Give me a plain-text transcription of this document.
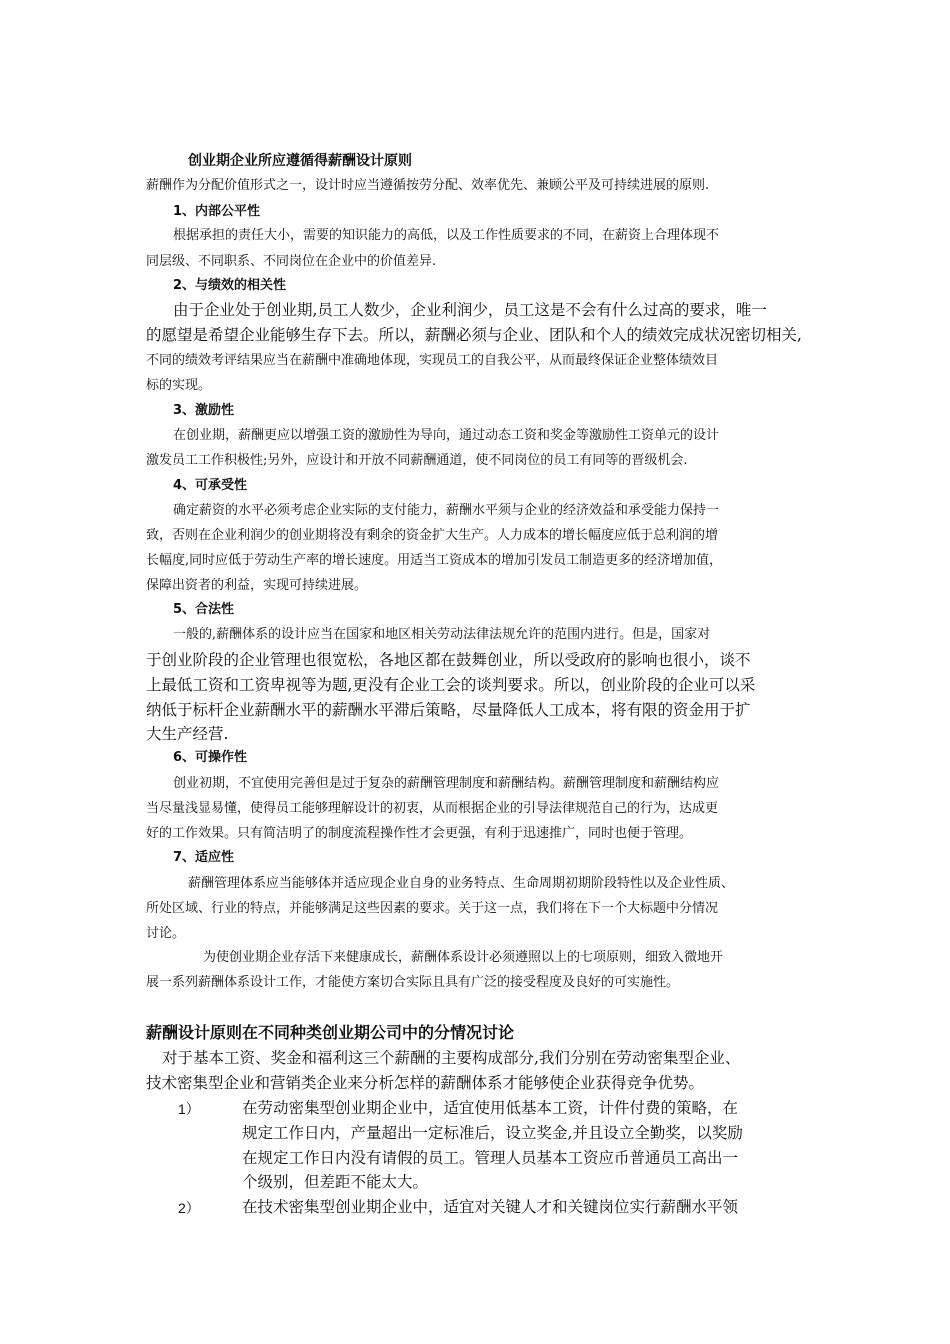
创业期企业所应遵循得薪酬设计原则
薪酬作为分配价值形式之一，设计时应当遵循按劳分配、效率优先、兼顾公平及可持续进展的原则.
1、内部公平性
根据承担的责任大小，需要的知识能力的高低，以及工作性质要求的不同，在薪资上合理体现不
同层级、不同职系、不同岗位在企业中的价值差异.
2、与绩效的相关性
由于企业处于创业期,员工人数少，企业利润少，员工这是不会有什么过高的要求，唯一
的愿望是希望企业能够生存下去。所以，薪酬必须与企业、团队和个人的绩效完成状况密切相关,
不同的绩效考评结果应当在薪酬中准确地体现，实现员工的自我公平，从而最终保证企业整体绩效目
标的实现。
3、激励性
在创业期，薪酬更应以增强工资的激励性为导向，通过动态工资和奖金等激励性工资单元的设计
激发员工工作积极性;另外，应设计和开放不同薪酬通道，使不同岗位的员工有同等的晋级机会.
4、可承受性
确定薪资的水平必须考虑企业实际的支付能力，薪酬水平须与企业的经济效益和承受能力保持一
致，否则在企业利润少的创业期将没有剩余的资金扩大生产。人力成本的增长幅度应低于总利润的增
长幅度,同时应低于劳动生产率的增长速度。用适当工资成本的增加引发员工制造更多的经济增加值，
保障出资者的利益，实现可持续进展。
5、合法性
一般的,薪酬体系的设计应当在国家和地区相关劳动法律法规允许的范围内进行。但是，国家对
于创业阶段的企业管理也很宽松，各地区都在鼓舞创业，所以受政府的影响也很小，谈不
上最低工资和工资卑视等为题,更没有企业工会的谈判要求。所以，创业阶段的企业可以采
纳低于标杆企业薪酬水平的薪酬水平滞后策略，尽量降低人工成本，将有限的资金用于扩
大生产经营.
6、可操作性
创业初期，不宜使用完善但是过于复杂的薪酬管理制度和薪酬结构。薪酬管理制度和薪酬结构应
当尽量浅显易懂，使得员工能够理解设计的初衷，从而根据企业的引导法律规范自己的行为，达成更
好的工作效果。只有简洁明了的制度流程操作性才会更强，有利于迅速推广，同时也便于管理。
7、适应性
薪酬管理体系应当能够体并适应现企业自身的业务特点、生命周期初期阶段特性以及企业性质、
所处区域、行业的特点，并能够满足这些因素的要求。关于这一点，我们将在下一个大标题中分情况
讨论。
为使创业期企业存活下来健康成长，薪酬体系设计必须遵照以上的七项原则，细致入微地开
展一系列薪酬体系设计工作，才能使方案切合实际且具有广泛的接受程度及良好的可实施性。
薪酬设计原则在不同种类创业期公司中的分情况讨论
对于基本工资、奖金和福利这三个薪酬的主要构成部分,我们分别在劳动密集型企业、
技术密集型企业和营销类企业来分析怎样的薪酬体系才能够使企业获得竞争优势。
1）	在劳动密集型创业期企业中，适宜使用低基本工资，计件付费的策略，在
规定工作日内，产量超出一定标准后，设立奖金,并且设立全勤奖，以奖励
在规定工作日内没有请假的员工。管理人员基本工资应币普通员工高出一
个级别，但差距不能太大。
2）	在技术密集型创业期企业中，适宜对关键人才和关键岗位实行薪酬水平领
